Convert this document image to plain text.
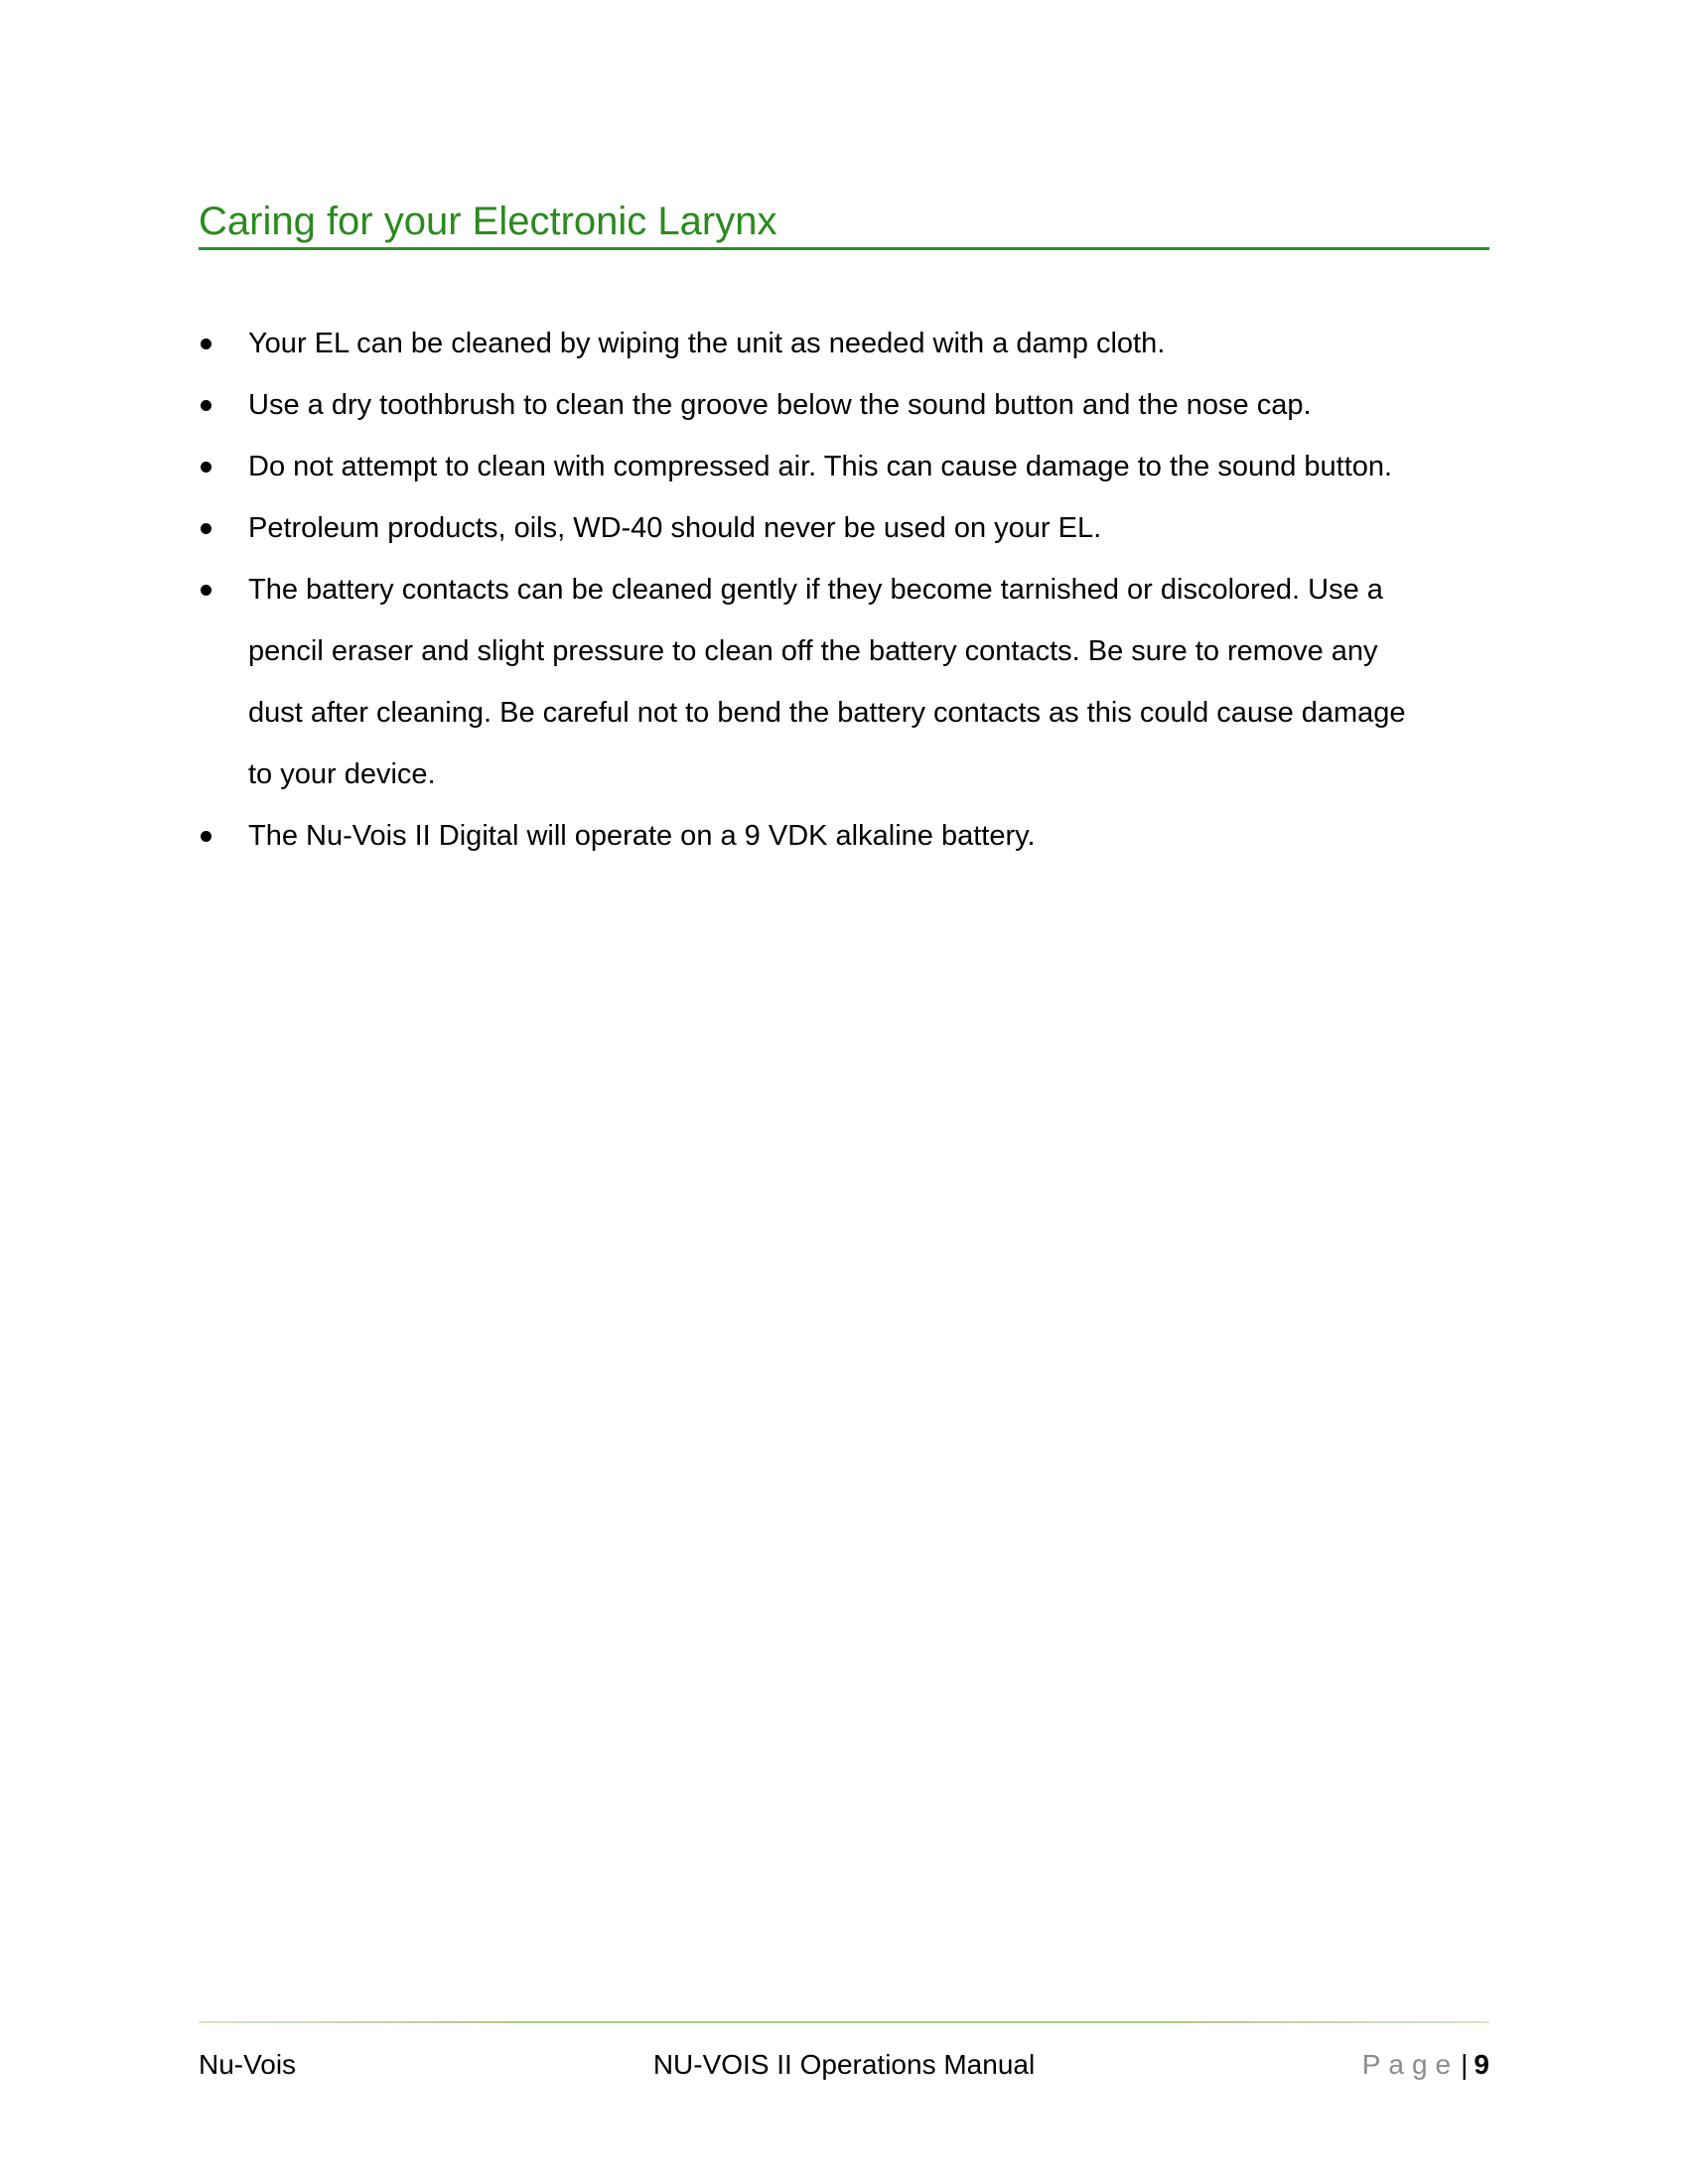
Caring for your Electronic Larynx
Your EL can be cleaned by wiping the unit as needed with a damp cloth.
Use a dry toothbrush to clean the groove below the sound button and the nose cap.
Do not attempt to clean with compressed air. This can cause damage to the sound button.
Petroleum products, oils, WD-40 should never be used on your EL.
The battery contacts can be cleaned gently if they become tarnished or discolored. Use a
pencil eraser and slight pressure to clean off the battery contacts. Be sure to remove any
dust after cleaning. Be careful not to bend the battery contacts as this could cause damage
to your device.
The Nu-Vois II Digital will operate on a 9 VDK alkaline battery.
Nu-Vois	NU-VOIS II Operations Manual	Page| 9
